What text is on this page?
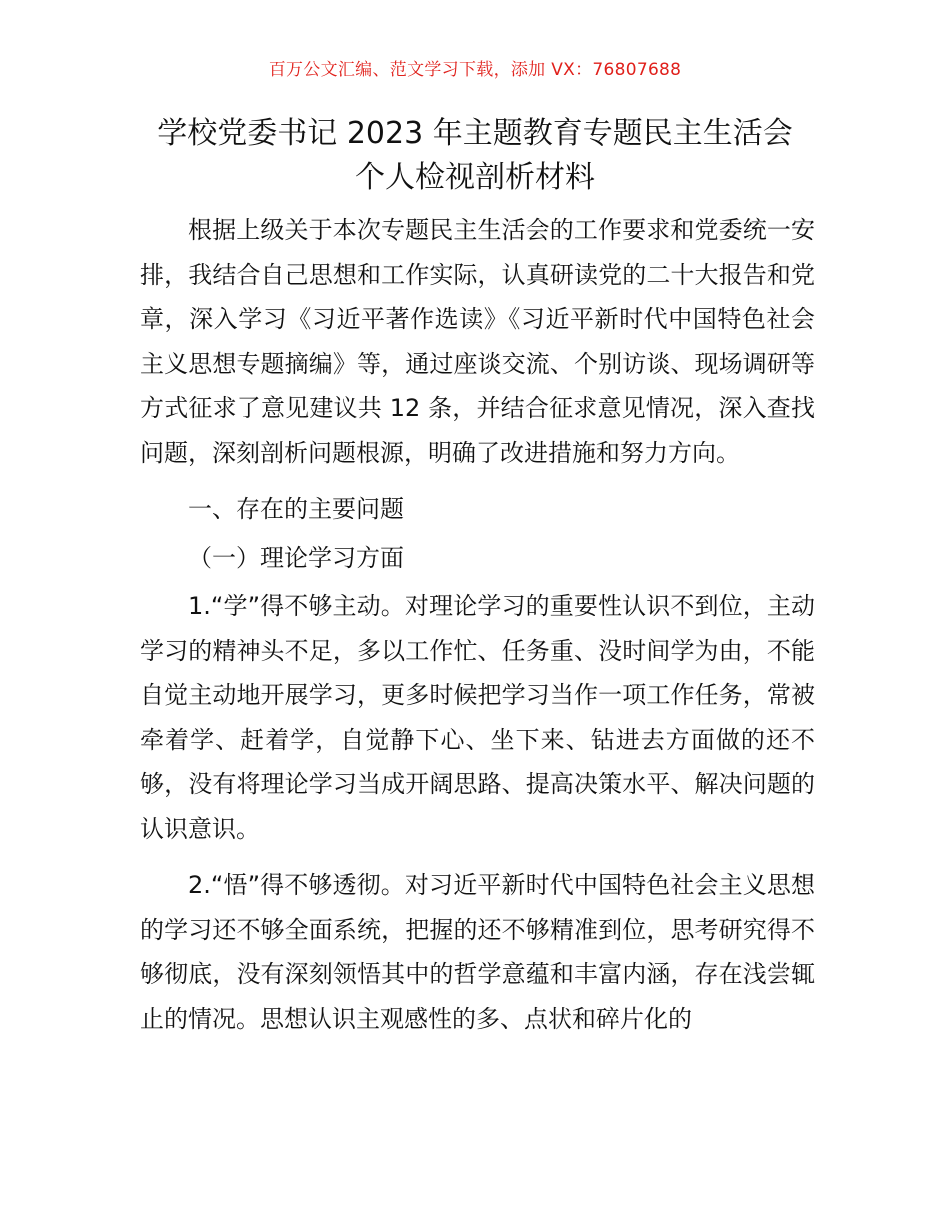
百万公文汇编、范文学习下载，添加 VX：76807688
学校党委书记 2023 年主题教育专题民主生活会
个人检视剖析材料

根据上级关于本次专题民主生活会的工作要求和党委统一安排，我结合自己思想和工作实际，认真研读党的二十大报告和党章，深入学习《习近平著作选读》《习近平新时代中国特色社会主义思想专题摘编》等，通过座谈交流、个别访谈、现场调研等方式征求了意见建议共 12 条，并结合征求意见情况，深入查找问题，深刻剖析问题根源，明确了改进措施和努力方向。

一、存在的主要问题

（一）理论学习方面

1.“学”得不够主动。对理论学习的重要性认识不到位，主动学习的精神头不足，多以工作忙、任务重、没时间学为由，不能自觉主动地开展学习，更多时候把学习当作一项工作任务，常被牵着学、赶着学，自觉静下心、坐下来、钻进去方面做的还不够，没有将理论学习当成开阔思路、提高决策水平、解决问题的认识意识。

2.“悟”得不够透彻。对习近平新时代中国特色社会主义思想的学习还不够全面系统，把握的还不够精准到位，思考研究得不够彻底，没有深刻领悟其中的哲学意蕴和丰富内涵，存在浅尝辄止的情况。思想认识主观感性的多、点状和碎片化的
